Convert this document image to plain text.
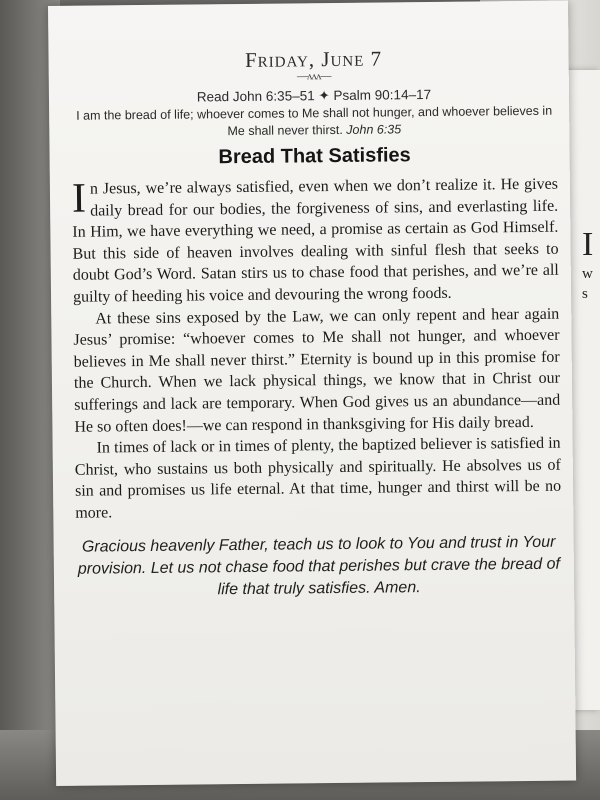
I
w
s
Friday, June 7
—ᴧᴧᴧ—
Read John 6:35–51 ✦ Psalm 90:14–17
I am the bread of life; whoever comes to Me shall not hunger, and whoever believes in Me shall never thirst. John 6:35
Bread That Satisfies

In Jesus, we’re always satisfied, even when we don’t realize it. He gives daily bread for our bodies, the forgiveness of sins, and everlasting life. In Him, we have everything we need, a promise as certain as God Himself. But this side of heaven involves dealing with sinful flesh that seeks to doubt God’s Word. Satan stirs us to chase food that perishes, and we’re all guilty of heeding his voice and devouring the wrong foods.

At these sins exposed by the Law, we can only repent and hear again Jesus’ promise: “whoever comes to Me shall not hunger, and whoever believes in Me shall never thirst.” Eternity is bound up in this promise for the Church. When we lack physical things, we know that in Christ our sufferings and lack are temporary. When God gives us an abundance—and He so often does!—we can respond in thanksgiving for His daily bread.

In times of lack or in times of plenty, the baptized believer is satisfied in Christ, who sustains us both physically and spiritually. He absolves us of sin and promises us life eternal. At that time, hunger and thirst will be no more.

Gracious heavenly Father, teach us to look to You and trust in Your provision. Let us not chase food that perishes but crave the bread of life that truly satisfies. Amen.
